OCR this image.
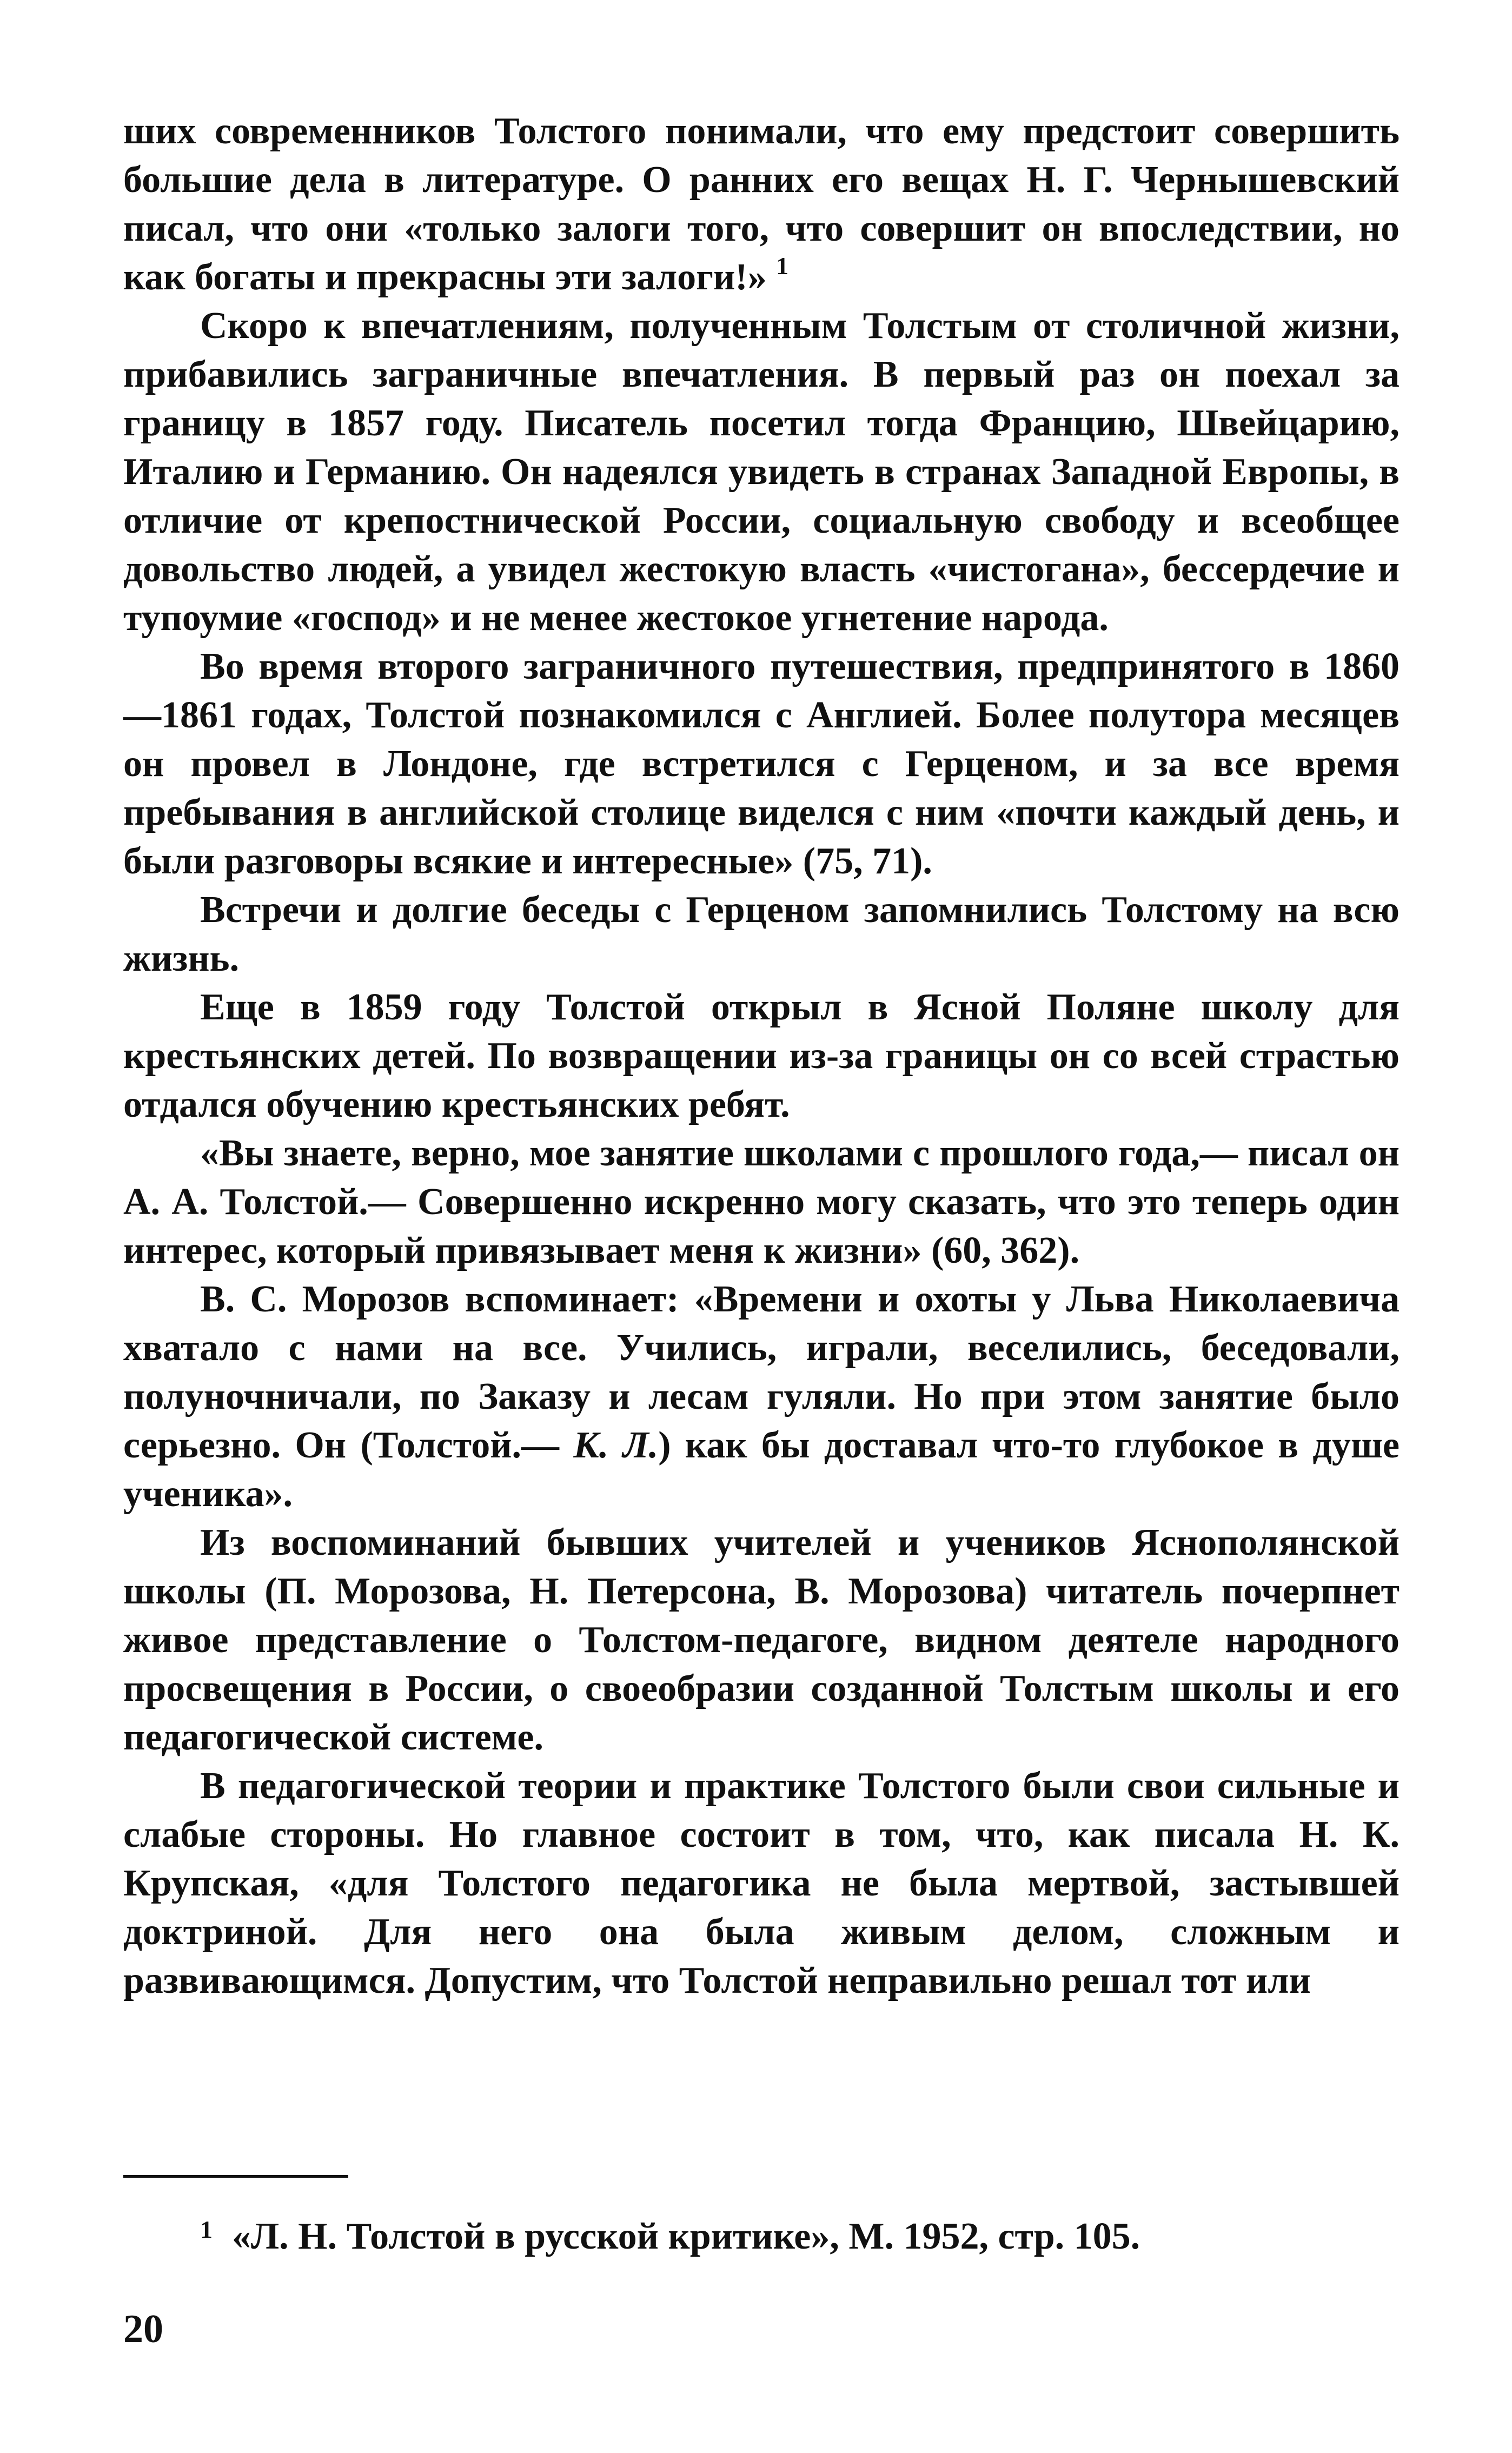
ших современников Толстого понимали, что ему предстоит совершить большие дела в литературе. О ранних его вещах Н. Г. Чернышевский писал, что они «только залоги того, что совершит он впоследствии, но как богаты и прекрасны эти залоги!» $^1$

Скоро к впечатлениям, полученным Толстым от столичной жизни, прибавились заграничные впечатления. В первый раз он поехал за границу в 1857 году. Писатель посетил тогда Францию, Швейцарию, Италию и Германию. Он надеялся увидеть в странах Западной Европы, в отличие от крепостнической России, социальную свободу и всеобщее довольство людей, а увидел жестокую власть «чистогана», бессердечие и тупоумие «господ» и не менее жестокое угнетение народа.

Во время второго заграничного путешествия, предпринятого в 1860—1861 годах, Толстой познакомился с Англией. Более полутора месяцев он провел в Лондоне, где встретился с Герценом, и за все время пребывания в английской столице виделся с ним «почти каждый день, и были разговоры всякие и интересные» (75, 71).

Встречи и долгие беседы с Герценом запомнились Толстому на всю жизнь.

Еще в 1859 году Толстой открыл в Ясной Поляне школу для крестьянских детей. По возвращении из-за границы он со всей страстью отдался обучению крестьянских ребят.

«Вы знаете, верно, мое занятие школами с прошлого года,— писал он А. А. Толстой.— Совершенно искренно могу сказать, что это теперь один интерес, который привязывает меня к жизни» (60, 362).

В. С. Морозов вспоминает: «Времени и охоты у Льва Николаевича хватало с нами на все. Учились, играли, веселились, беседовали, полуночничали, по Заказу и лесам гуляли. Но при этом занятие было серьезно. Он (Толстой.— К. Л.) как бы доставал что-то глубокое в душе ученика».

Из воспоминаний бывших учителей и учеников Яснополянской школы (П. Морозова, Н. Петерсона, В. Морозова) читатель почерпнет живое представление о Толстом-педагоге, видном деятеле народного просвещения в России, о своеобразии созданной Толстым школы и его педагогической системе.

В педагогической теории и практике Толстого были свои сильные и слабые стороны. Но главное состоит в том, что, как писала Н. К. Крупская, «для Толстого педагогика не была мертвой, застывшей доктриной. Для него она была живым делом, сложным и развивающимся. Допустим, что Толстой неправильно решал тот или

$^1$ «Л. Н. Толстой в русской критике», М. 1952, стр. 105.
20
